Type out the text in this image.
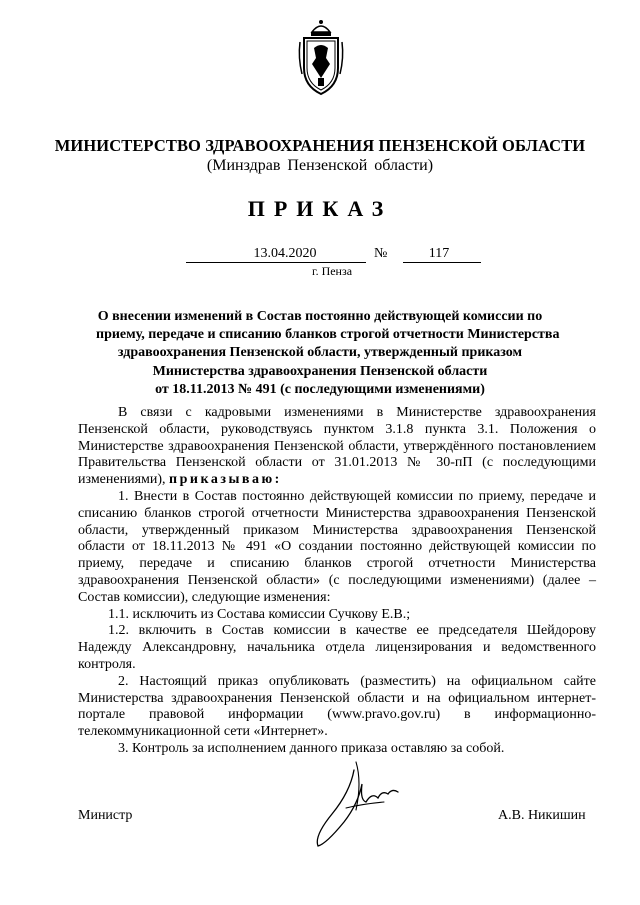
МИНИСТЕРСТВО ЗДРАВООХРАНЕНИЯ ПЕНЗЕНСКОЙ ОБЛАСТИ
(Минздрав Пензенской области)
ПРИКАЗ
13.04.2020	№	117
г. Пенза
О внесении изменений в Состав постоянно действующей комиссии по
приему, передаче и списанию бланков строгой отчетности Министерства
здравоохранения Пензенской области, утвержденный приказом
Министерства здравоохранения Пензенской области
от 18.11.2013 № 491 (с последующими изменениями)

В связи с кадровыми изменениями в Министерстве здравоохранения Пензенской области, руководствуясь пунктом 3.1.8 пункта 3.1. Положения о Министерстве здравоохранения Пензенской области, утверждённого постановлением Правительства Пензенской области от 31.01.2013 № 30-пП (с последующими изменениями), приказываю:

1. Внести в Состав постоянно действующей комиссии по приему, передаче и списанию бланков строгой отчетности Министерства здравоохранения Пензенской области, утвержденный приказом Министерства здравоохранения Пензенской области от 18.11.2013 № 491 «О создании постоянно действующей комиссии по приему, передаче и списанию бланков строгой отчетности Министерства здравоохранения Пензенской области» (с последующими изменениями) (далее – Состав комиссии), следующие изменения:

1.1. исключить из Состава комиссии Сучкову Е.В.;

1.2. включить в Состав комиссии в качестве ее председателя Шейдорову Надежду Александровну, начальника отдела лицензирования и ведомственного контроля.

2. Настоящий приказ опубликовать (разместить) на официальном сайте Министерства здравоохранения Пензенской области и на официальном интернет-портале правовой информации (www.pravo.gov.ru) в информационно-телекоммуникационной сети «Интернет».

3. Контроль за исполнением данного приказа оставляю за собой.

Министр	А.В. Никишин
